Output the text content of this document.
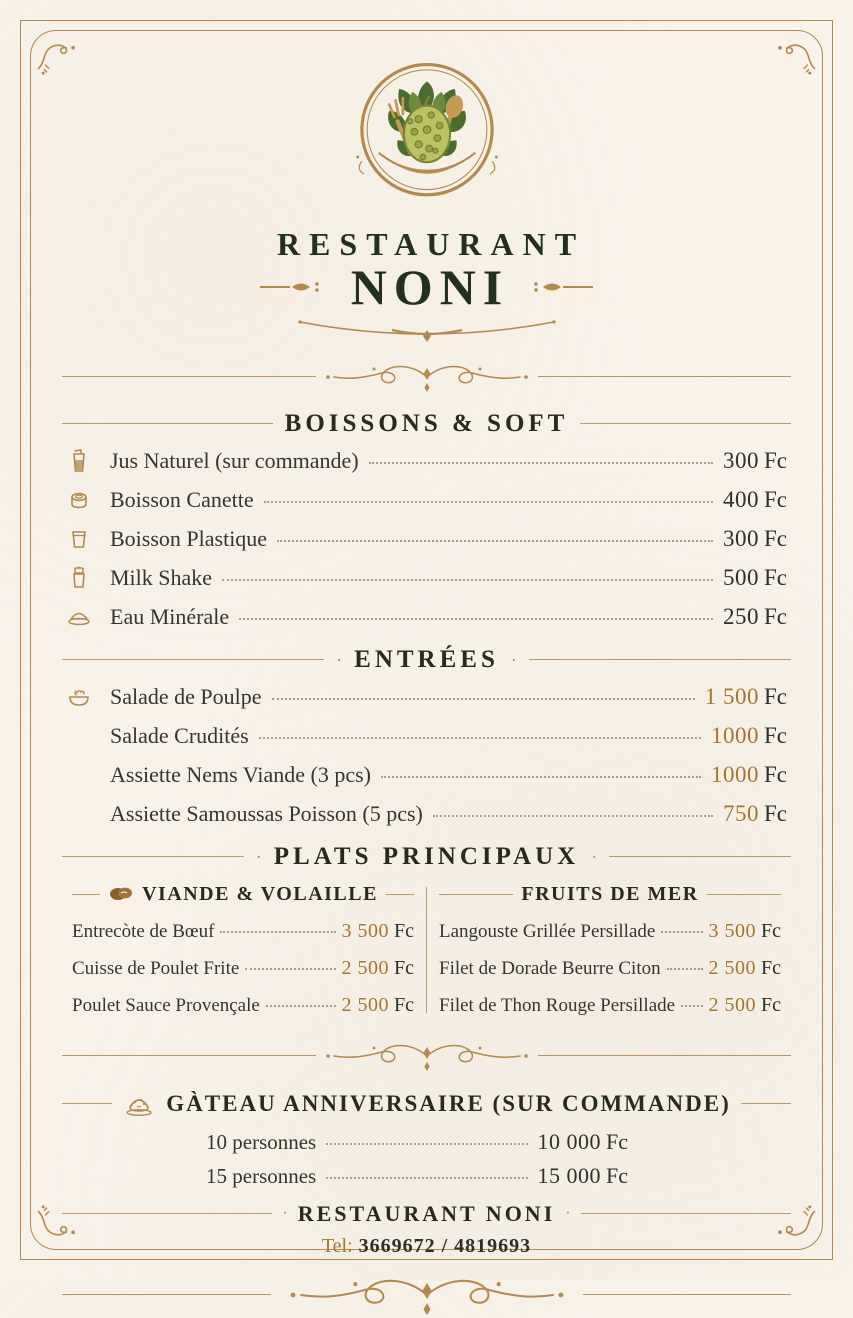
RESTAURANT
NONI
BOISSONS & SOFT
Jus Naturel (sur commande)	300 Fc
Boisson Canette	400 Fc
Boisson Plastique	300 Fc
Milk Shake	500 Fc
Eau Minérale	250 Fc
· ENTRÉES ·
Salade de Poulpe	1 500 Fc
Salade Crudités	1000 Fc
Assiette Nems Viande (3 pcs)	1000 Fc
Assiette Samoussas Poisson (5 pcs)	750 Fc
· PLATS PRINCIPAUX ·
VIANDE & VOLAILLE
Entrecòte de Bœuf	3 500 Fc
Cuisse de Poulet Frite	2 500 Fc
Poulet Sauce Provençale	2 500 Fc
FRUITS DE MER
Langouste Grillée Persillade	3 500 Fc
Filet de Dorade Beurre Citon 2 500 Fc
Filet de Thon Rouge Persillade 2 500 Fc
GÀTEAU ANNIVERSAIRE (SUR COMMANDE)
10 personnes	10 000 Fc
15 personnes	15 000 Fc
· RESTAURANT NONI ·
Tel: 3669672 / 4819693
